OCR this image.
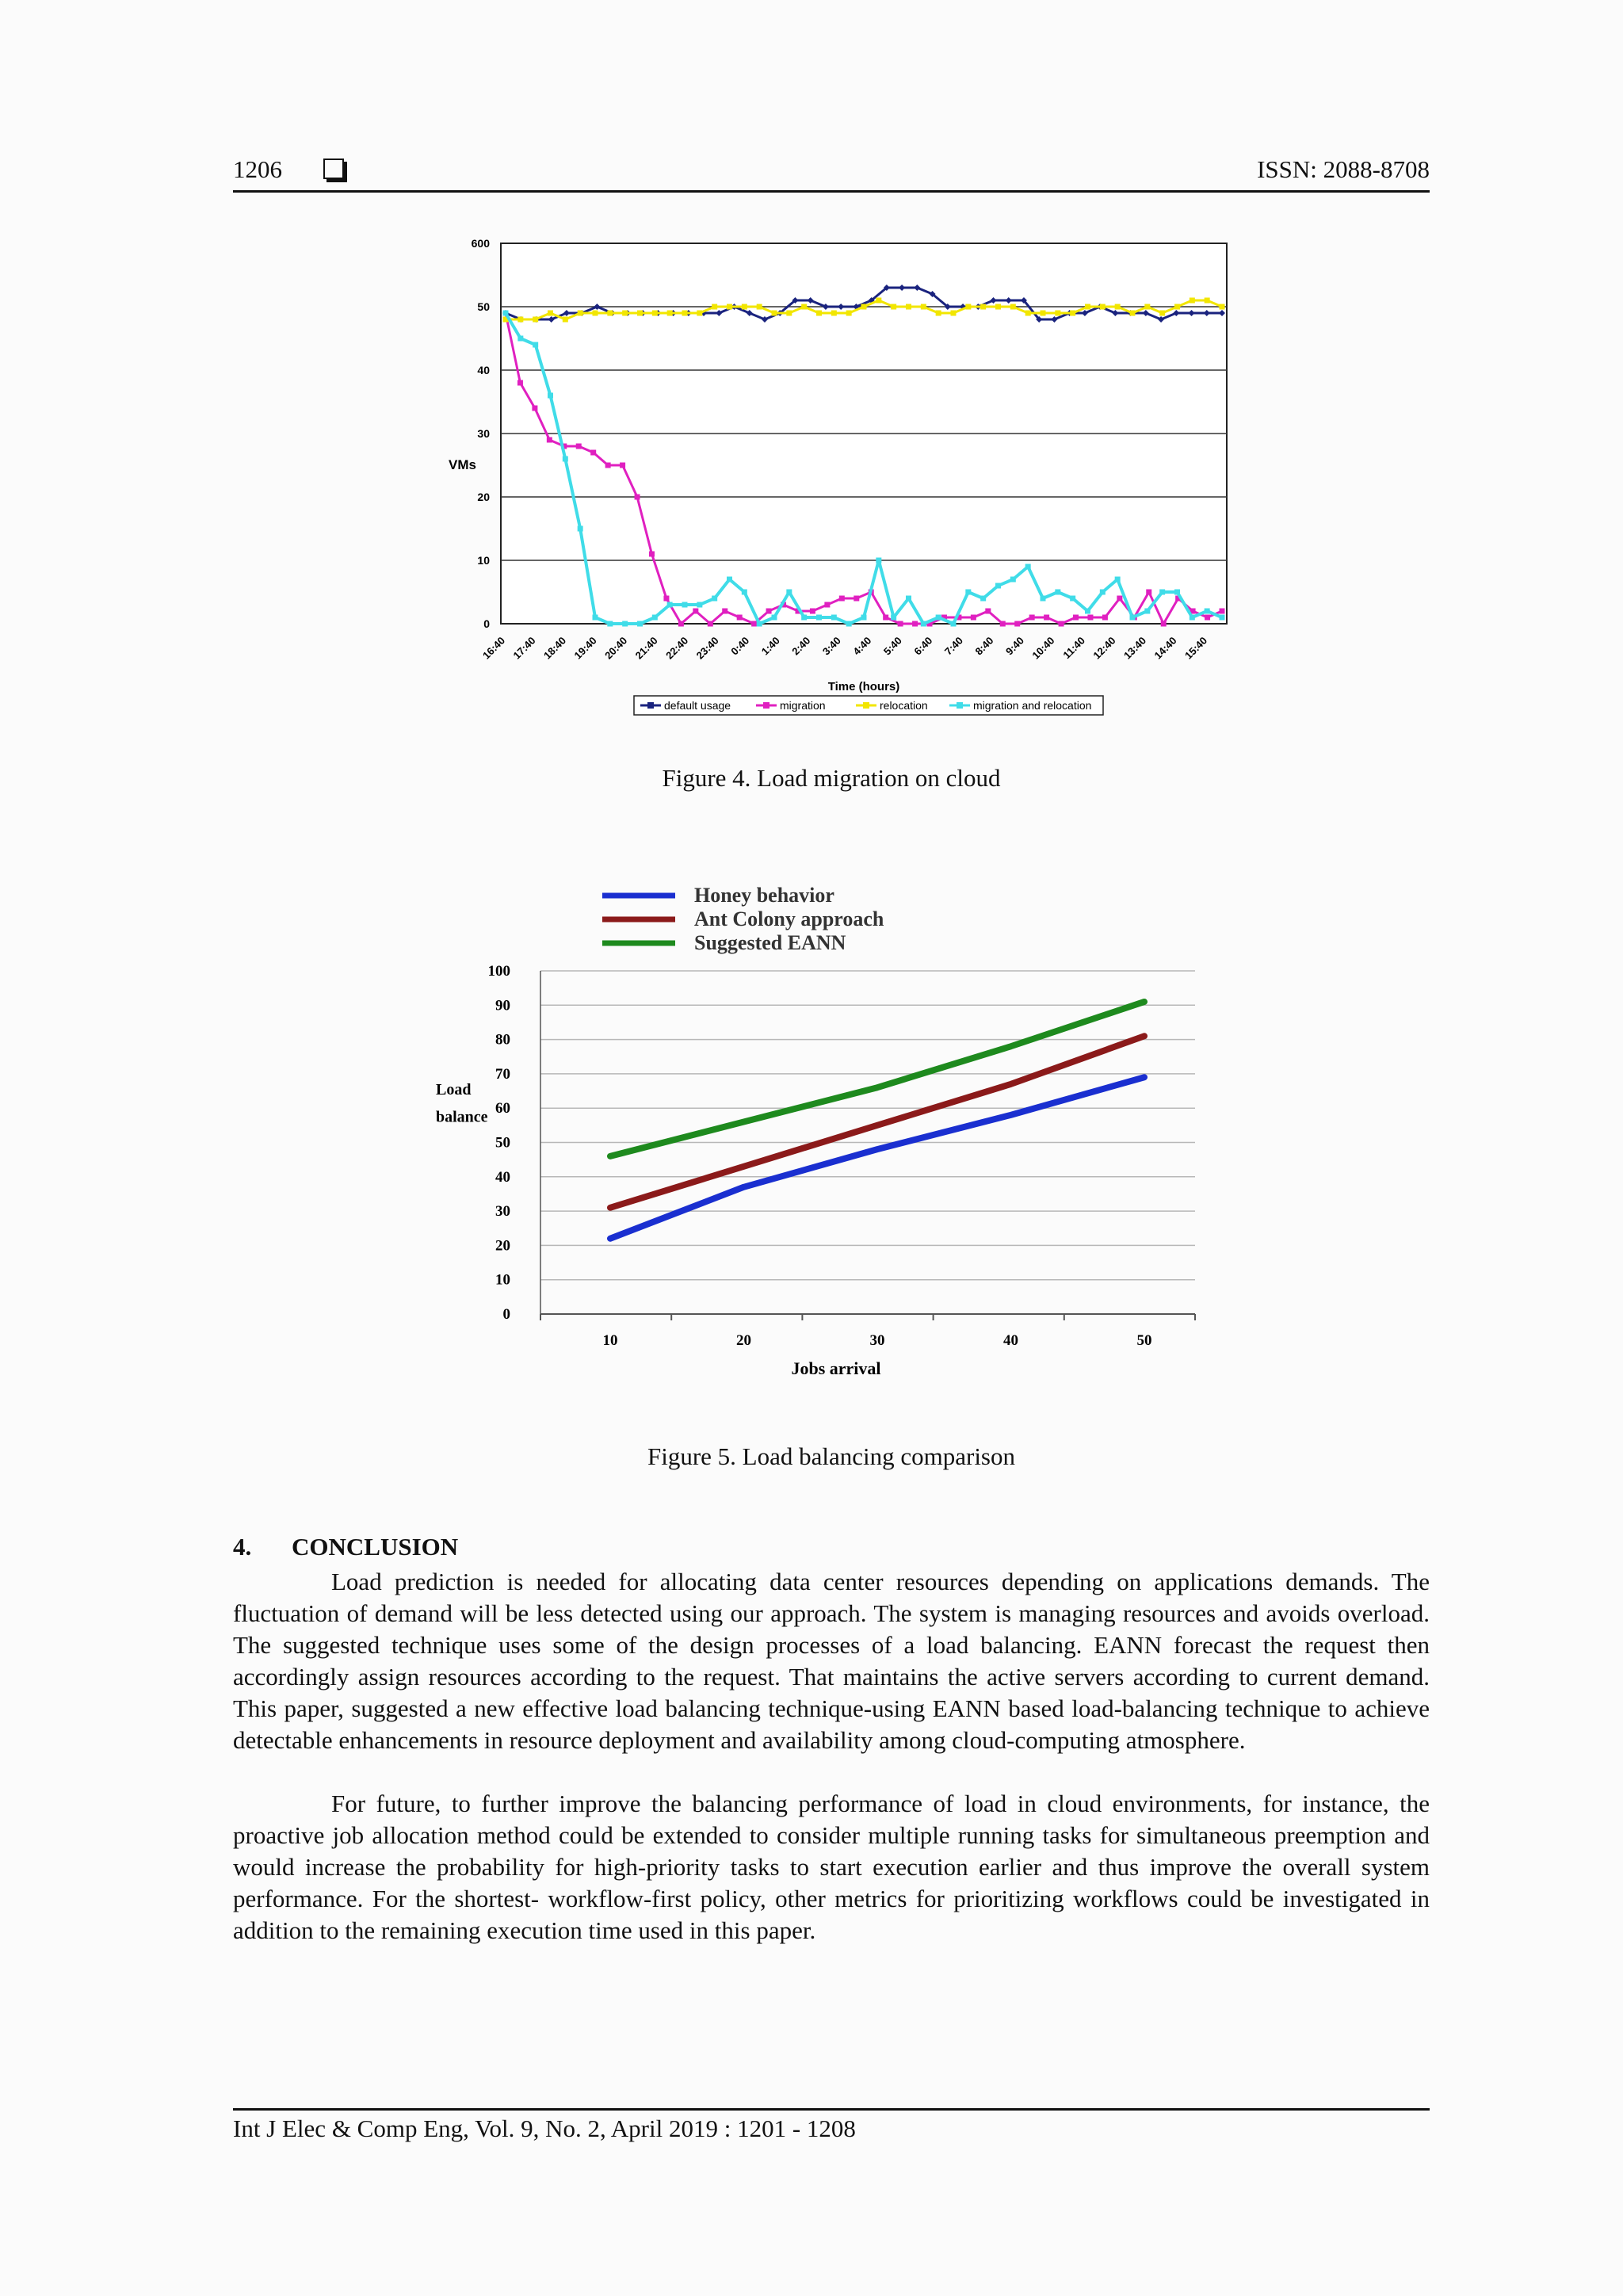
1206	ISSN: 2088-8708
0
10
20
30
40
50
600
VMs
16:40 17:40 18:40 19:40 20:40 21:40 22:40 23:40 0:40 1:40 2:40 3:40 4:40 5:40 6:40 7:40 8:40 9:40 10:40 11:40 12:40 13:40 14:40 15:40
Time (hours)
default usage	migration	relocation	migration and relocation
Figure 4. Load migration on cloud
0
10
20
30
40
50
60
70
80
90
100
10	20	30	40	50
Jobs arrival
Load
balance
Honey behavior
Ant Colony approach
Suggested EANN
Figure 5. Load balancing comparison
4. CONCLUSION

Load prediction is needed for allocating data center resources depending on applications demands. The fluctuation of demand will be less detected using our approach. The system is managing resources and avoids overload. The suggested technique uses some of the design processes of a load balancing. EANN forecast the request then accordingly assign resources according to the request. That maintains the active servers according to current demand. This paper, suggested a new effective load balancing technique-using EANN based load-balancing technique to achieve detectable enhancements in resource deployment and availability among cloud-computing atmosphere.

For future, to further improve the balancing performance of load in cloud environments, for instance, the proactive job allocation method could be extended to consider multiple running tasks for simultaneous preemption and would increase the probability for high-priority tasks to start execution earlier and thus improve the overall system performance. For the shortest- workflow-first policy, other metrics for prioritizing workflows could be investigated in addition to the remaining execution time used in this paper.

Int J Elec & Comp Eng, Vol. 9, No. 2, April 2019 : 1201 - 1208
